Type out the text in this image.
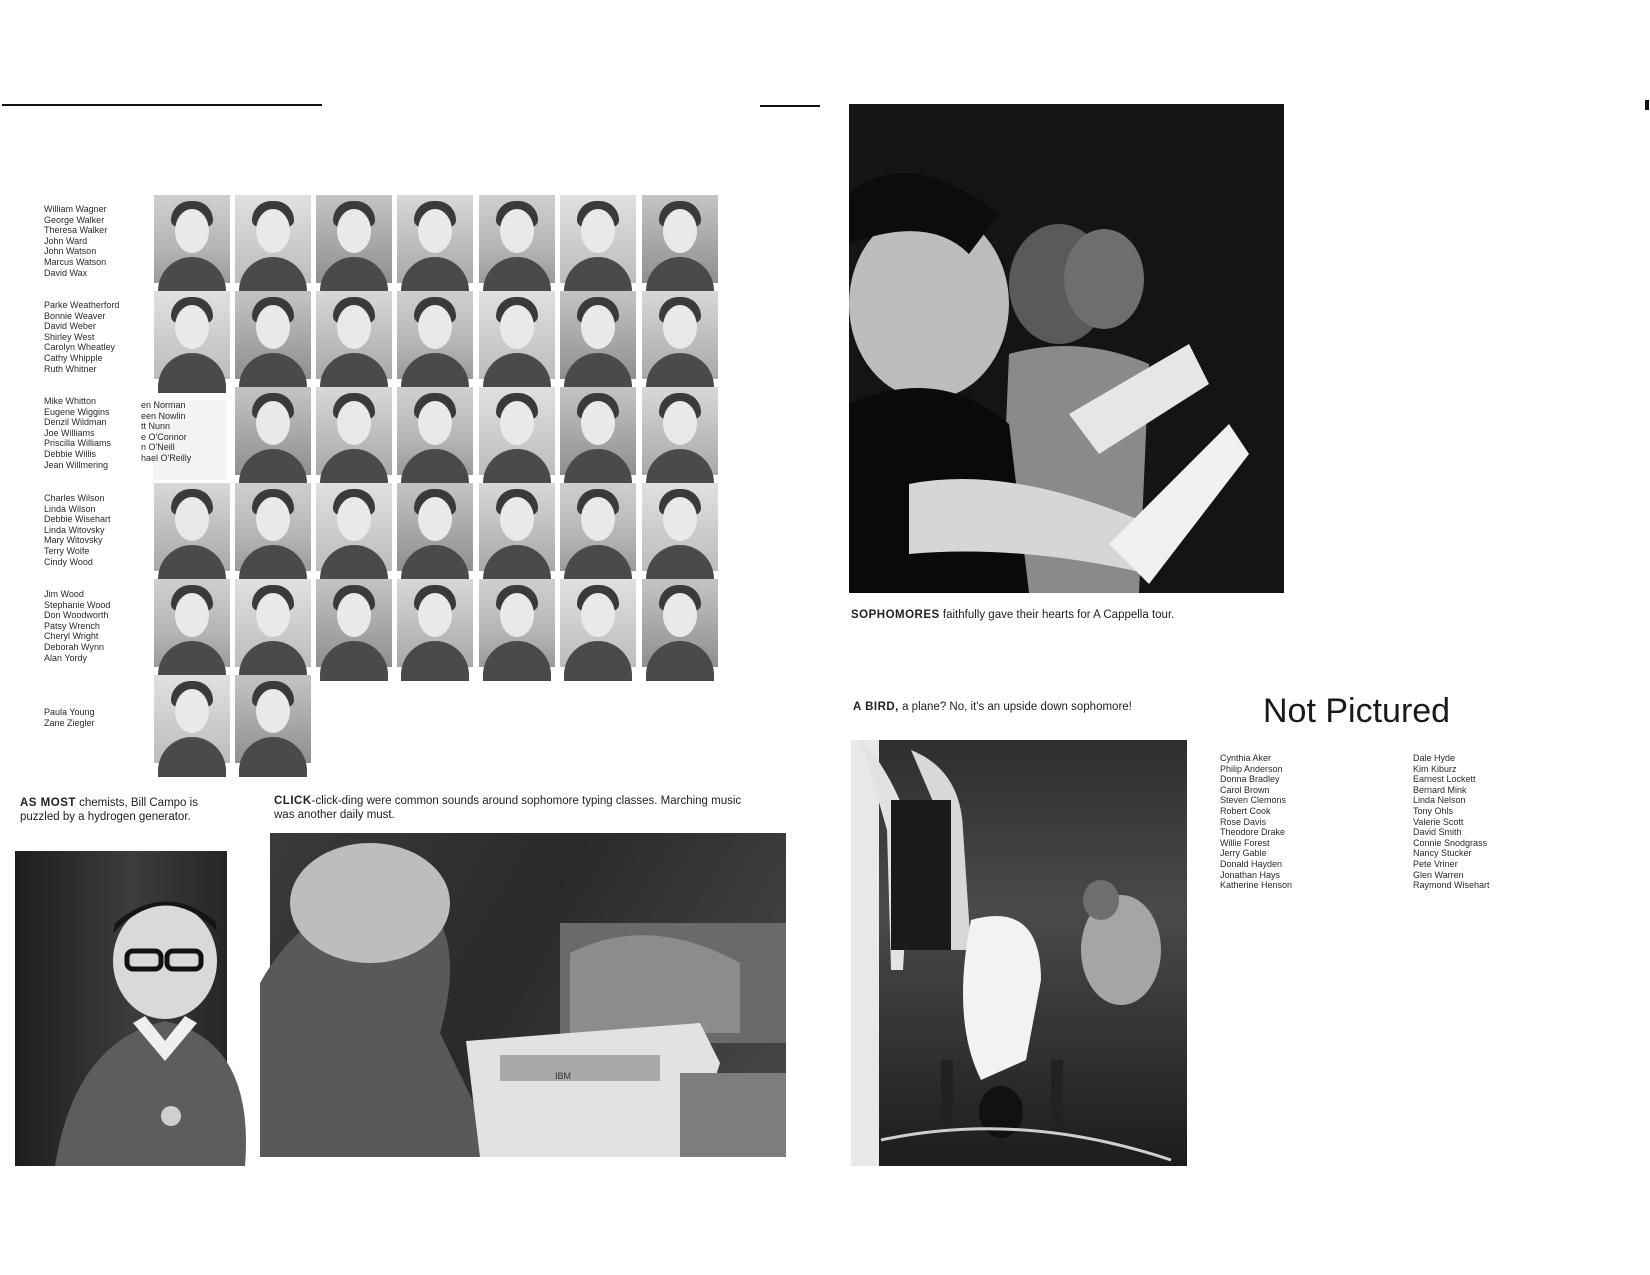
William Wagner
George Walker
Theresa Walker
John Ward
John Watson
Marcus Watson
David Wax
Parke Weatherford
Bonnie Weaver
David Weber
Shirley West
Carolyn Wheatley
Cathy Whipple
Ruth Whitner
Mike Whitton
Eugene Wiggins
Denzil Wildman
Joe Williams
Priscilla Williams
Debbie Willis
Jean Willmering
Charles Wilson
Linda Wilson
Debbie Wisehart
Linda Witovsky
Mary Witovsky
Terry Wolfe
Cindy Wood
Jim Wood
Stephanie Wood
Don Woodworth
Patsy Wrench
Cheryl Wright
Deborah Wynn
Alan Yordy
Paula Young
Zane Ziegler
en Norman
een Nowlin
tt Nunn
e O'Connor
n O'Neill
hael O'Reilly
AS MOST chemists, Bill Campo is puzzled by a hydrogen generator.
CLICK-click-ding were common sounds around sophomore typing classes. Marching music was another daily must.
IBM
SOPHOMORES faithfully gave their hearts for A Cappella tour.
A BIRD, a plane? No, it's an upside down sophomore!	Not Pictured
Cynthia Aker
Philip Anderson
Donna Bradley
Carol Brown
Steven Clemons
Robert Cook
Rose Davis
Theodore Drake
Willie Forest
Jerry Gable
Donald Hayden
Jonathan Hays
Katherine Henson
Dale Hyde
Kim Kiburz
Earnest Lockett
Bernard Mink
Linda Nelson
Tony Ohls
Valerie Scott
David Smith
Connie Snodgrass
Nancy Stucker
Pete Vriner
Glen Warren
Raymond Wisehart
